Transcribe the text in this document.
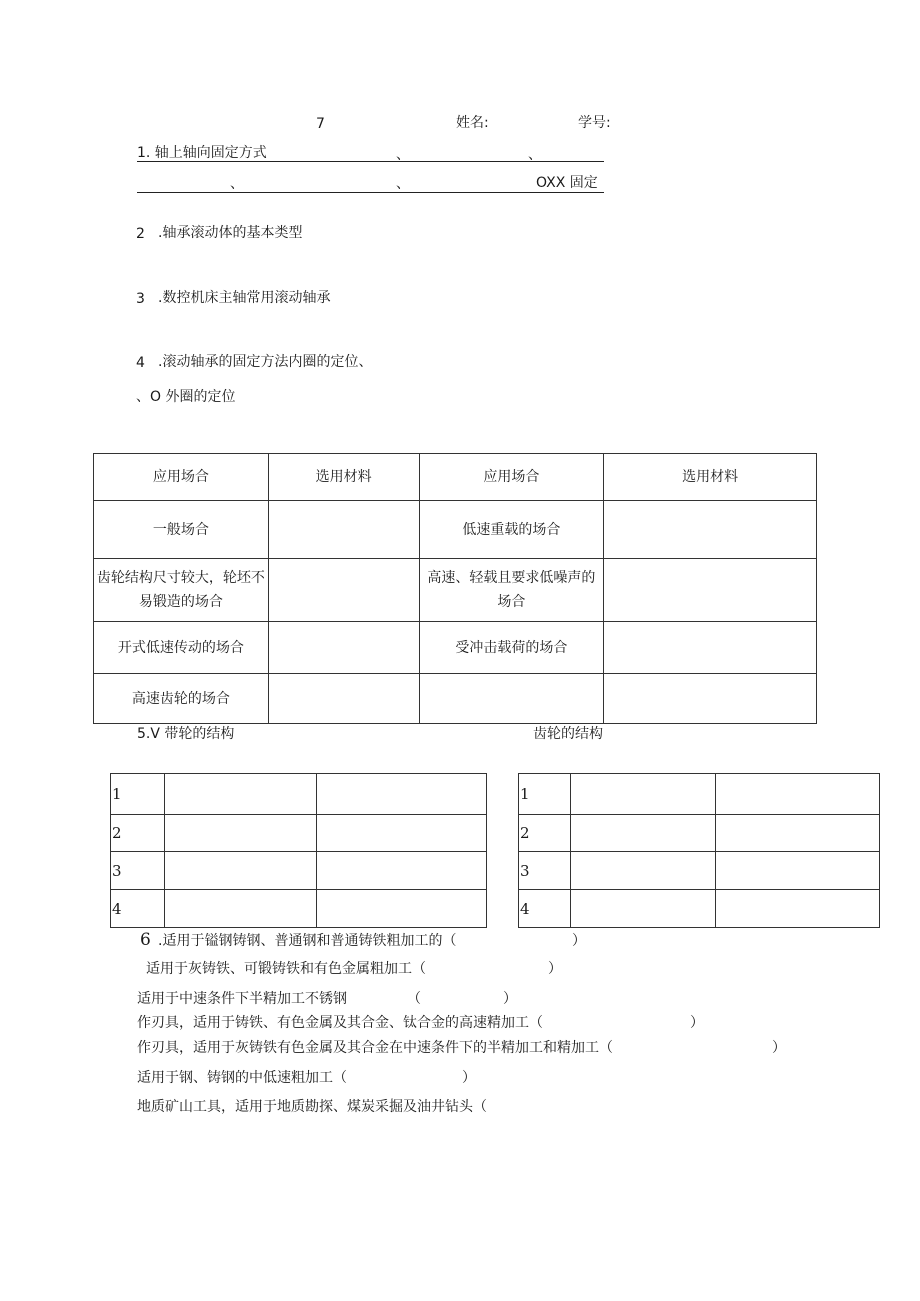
7	姓名:	学号:
1. 轴上轴向固定方式	、	、
、	、	OXX 固定
2 .轴承滚动体的基本类型
3 .数控机床主轴常用滚动轴承
4 .滚动轴承的固定方法内圈的定位、
、O 外圈的定位
应用场合	选用材料	应用场合	选用材料
一般场合		低速重载的场合	
齿轮结构尺寸较大，轮坯不易锻造的场合		高速、轻载且要求低噪声的场合	
开式低速传动的场合		受冲击载荷的场合	
高速齿轮的场合			
5.V 带轮的结构	齿轮的结构
1		
2		
3		
4		
1		
2		
3		
4		
6 .适用于镒钢铸钢、普通钢和普通铸铁粗加工的（	）
适用于灰铸铁、可锻铸铁和有色金属粗加工（	）
适用于中速条件下半精加工不锈钢	（	）
作刃具，适用于铸铁、有色金属及其合金、钛合金的高速精加工（	）
作刃具，适用于灰铸铁有色金属及其合金在中速条件下的半精加工和精加工（	）
适用于钢、铸钢的中低速粗加工（	）
地质矿山工具，适用于地质勘探、煤炭采掘及油井钻头（
